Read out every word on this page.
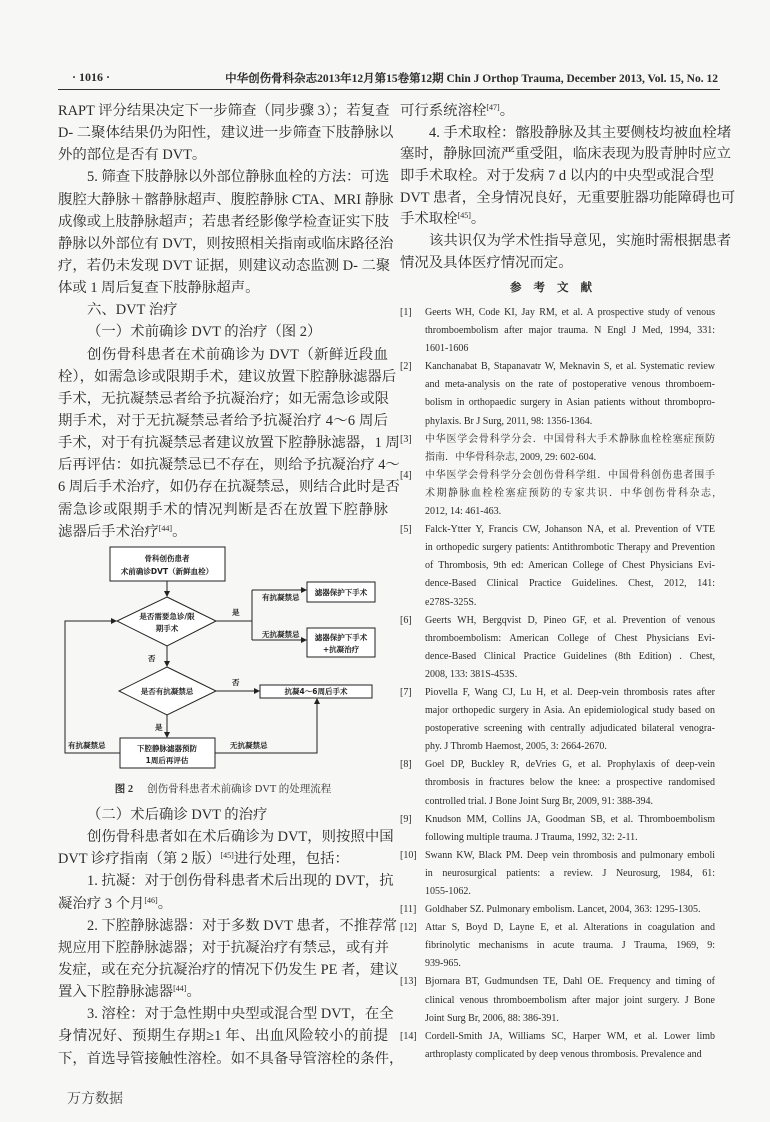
· 1016 ·	中华创伤骨科杂志2013年12月第15卷第12期 Chin J Orthop Trauma, December 2013, Vol. 15, No. 12
RAPT 评分结果决定下一步筛查（同步骤 3）；若复查
D- 二聚体结果仍为阳性，建议进一步筛查下肢静脉以
外的部位是否有 DVT。
5. 筛查下肢静脉以外部位静脉血栓的方法：可选
腹腔大静脉＋髂静脉超声、腹腔静脉 CTA、MRI 静脉
成像或上肢静脉超声；若患者经影像学检查证实下肢
静脉以外部位有 DVT，则按照相关指南或临床路径治
疗，若仍未发现 DVT 证据，则建议动态监测 D- 二聚
体或 1 周后复查下肢静脉超声。
六、DVT 治疗
（一）术前确诊 DVT 的治疗（图 2）
创伤骨科患者在术前确诊为 DVT（新鲜近段血
栓），如需急诊或限期手术，建议放置下腔静脉滤器后
手术，无抗凝禁忌者给予抗凝治疗；如无需急诊或限
期手术，对于无抗凝禁忌者给予抗凝治疗 4～6 周后
手术，对于有抗凝禁忌者建议放置下腔静脉滤器，1 周
后再评估：如抗凝禁忌已不存在，则给予抗凝治疗 4～
6 周后手术治疗，如仍存在抗凝禁忌，则结合此时是否
需急诊或限期手术的情况判断是否在放置下腔静脉
滤器后手术治疗[44]。
骨科创伤患者
术前确诊DVT（新鲜血栓）
是否需要急诊/限
期手术
是
有抗凝禁忌
无抗凝禁忌
滤器保护下手术
滤器保护下手术
+抗凝治疗
否
是否有抗凝禁忌
否
抗凝4～6周后手术
是
下腔静脉滤器预防
1周后再评估
有抗凝禁忌	无抗凝禁忌
图 2 创伤骨科患者术前确诊 DVT 的处理流程
（二）术后确诊 DVT 的治疗
创伤骨科患者如在术后确诊为 DVT，则按照中国
DVT 诊疗指南（第 2 版）[45]进行处理，包括：
1. 抗凝：对于创伤骨科患者术后出现的 DVT，抗
凝治疗 3 个月[46]。
2. 下腔静脉滤器：对于多数 DVT 患者，不推荐常
规应用下腔静脉滤器；对于抗凝治疗有禁忌，或有并
发症，或在充分抗凝治疗的情况下仍发生 PE 者，建议
置入下腔静脉滤器[44]。
3. 溶栓：对于急性期中央型或混合型 DVT，在全
身情况好、预期生存期≥1 年、出血风险较小的前提
下，首选导管接触性溶栓。如不具备导管溶栓的条件，
可行系统溶栓[47]。
4. 手术取栓：髂股静脉及其主要侧枝均被血栓堵
塞时，静脉回流严重受阻，临床表现为股青肿时应立
即手术取栓。对于发病 7 d 以内的中央型或混合型
DVT 患者，全身情况良好，无重要脏器功能障碍也可
手术取栓[45]。
该共识仅为学术性指导意见，实施时需根据患者
情况及具体医疗情况而定。
参考文献
[1] Geerts WH, Code KI, Jay RM, et al. A prospective study of venous
thromboembolism after major trauma. N Engl J Med, 1994, 331:
1601-1606
[2] Kanchanabat B, Stapanavatr W, Meknavin S, et al. Systematic review
and meta-analysis on the rate of postoperative venous thromboem-
bolism in orthopaedic surgery in Asian patients without thrombopro-
phylaxis. Br J Surg, 2011, 98: 1356-1364.
[3] 中华医学会骨科学分会．中国骨科大手术静脉血栓栓塞症预防
指南．中华骨科杂志, 2009, 29: 602-604.
[4] 中华医学会骨科学分会创伤骨科学组．中国骨科创伤患者围手
术期静脉血栓栓塞症预防的专家共识．中华创伤骨科杂志,
2012, 14: 461-463.
[5] Falck-Ytter Y, Francis CW, Johanson NA, et al. Prevention of VTE
in orthopedic surgery patients: Antithrombotic Therapy and Prevention
of Thrombosis, 9th ed: American College of Chest Physicians Evi-
dence-Based Clinical Practice Guidelines. Chest, 2012, 141:
e278S-325S.
[6] Geerts WH, Bergqvist D, Pineo GF, et al. Prevention of venous
thromboembolism: American College of Chest Physicians Evi-
dence-Based Clinical Practice Guidelines (8th Edition) . Chest,
2008, 133: 381S-453S.
[7] Piovella F, Wang CJ, Lu H, et al. Deep-vein thrombosis rates after
major orthopedic surgery in Asia. An epidemiological study based on
postoperative screening with centrally adjudicated bilateral venogra-
phy. J Thromb Haemost, 2005, 3: 2664-2670.
[8] Goel DP, Buckley R, deVries G, et al. Prophylaxis of deep-vein
thrombosis in fractures below the knee: a prospective randomised
controlled trial. J Bone Joint Surg Br, 2009, 91: 388-394.
[9] Knudson MM, Collins JA, Goodman SB, et al. Thromboembolism
following multiple trauma. J Trauma, 1992, 32: 2-11.
[10] Swann KW, Black PM. Deep vein thrombosis and pulmonary emboli
in neurosurgical patients: a review. J Neurosurg, 1984, 61:
1055-1062.
[11] Goldhaber SZ. Pulmonary embolism. Lancet, 2004, 363: 1295-1305.
[12] Attar S, Boyd D, Layne E, et al. Alterations in coagulation and
fibrinolytic mechanisms in acute trauma. J Trauma, 1969, 9:
939-965.
[13] Bjornara BT, Gudmundsen TE, Dahl OE. Frequency and timing of
clinical venous thromboembolism after major joint surgery. J Bone
Joint Surg Br, 2006, 88: 386-391.
[14] Cordell-Smith JA, Williams SC, Harper WM, et al. Lower limb
arthroplasty complicated by deep venous thrombosis. Prevalence and
万方数据
